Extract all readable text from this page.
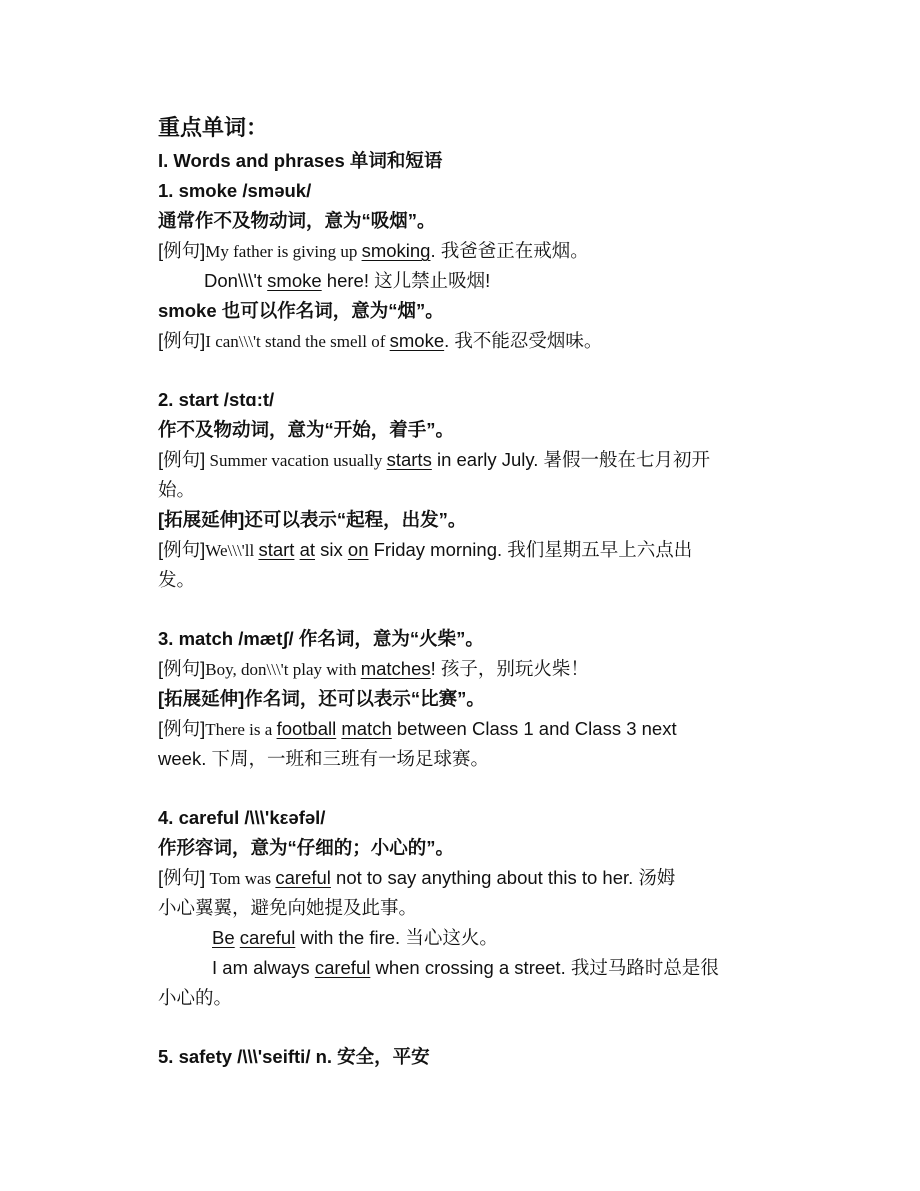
重点单词：
I. Words and phrases 单词和短语
1. smoke /sməuk/
通常作不及物动词，意为“吸烟”。
[例句]My father is giving up smoking. 我爸爸正在戒烟。
Don\\\'t smoke here! 这儿禁止吸烟!
smoke 也可以作名词，意为“烟”。
[例句]I can\\\'t stand the smell of smoke. 我不能忍受烟味。
2. start /stɑ:t/
作不及物动词，意为“开始，着手”。
[例句] Summer vacation usually starts in early July. 暑假一般在七月初开
始。
[拓展延伸]还可以表示“起程，出发”。
[例句]We\\\'ll start at six on Friday morning. 我们星期五早上六点出
发。
3. match /mætʃ/ 作名词，意为“火柴”。
[例句]Boy, don\\\'t play with matches! 孩子，别玩火柴！
[拓展延伸]作名词，还可以表示“比赛”。
[例句]There is a football match between Class 1 and Class 3 next
week. 下周，一班和三班有一场足球赛。
4. careful /\\\'kεəfəl/
作形容词，意为“仔细的；小心的”。
[例句] Tom was careful not to say anything about this to her. 汤姆
小心翼翼，避免向她提及此事。
Be careful with the fire. 当心这火。
I am always careful when crossing a street. 我过马路时总是很
小心的。
5. safety /\\\'seifti/ n. 安全，平安
